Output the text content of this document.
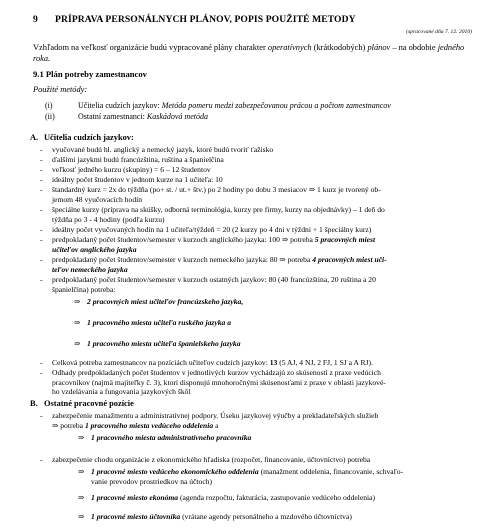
9 PRÍPRAVA PERSONÁLNYCH PLÁNOV, POPIS POUŽITÉ METODY
(spracované dňa 7. 12. 2010)
Vzhľadom na veľkosť organizácie budú vypracované plány charakter operatívnych (krátkodobých) plánov – na obdobie jedného roka.
9.1 Plán potreby zamestnancov
Použité metódy:
(i)	Učitelia cudzích jazykov: Metóda pomeru medzi zabezpečovanou prácou a počtom zamestnancov
(ii)	Ostatní zamestnanci: Kaskádová metóda
A. Učitelia cudzích jazykov:
- vyučované budú hl. anglický a nemecký jazyk, ktoré budú tvoriť ťažisko
- ďalšími jazykmi budú francúzština, ruština a španielčina
- veľkosť jedného kurzu (skupiny) = 6 – 12 študentov
- ideálny počet študentov v jednom kurze na 1 učiteľa: 10
- štandardný kurz = 2x do týždňa (po+ st. / ut.+ štv.) po 2 hodiny po dobu 3 mesiacov ⇒ 1 kurz je tvorený ob-
jemom 48 vyučovacích hodín
- špeciálne kurzy (príprava na skúšky, odborná terminológia, kurzy pre firmy, kurzy na objednávky) – 1 deň do
týždňa po 3 - 4 hodiny (podľa kurzu)
- ideálny počet vyučovaných hodín na 1 učiteľa/týždeň = 20 (2 kurzy po 4 dni v týždni + 1 špeciálny kurz)
- predpokladaný počet študentov/semester v kurzoch anglického jazyka: 100 ⇒ potreba 5 pracovných miest
učiteľov anglického jazyka
- predpokladaný počet študentov/semester v kurzoch nemeckého jazyka: 80 ⇒ potreba 4 pracovných miest uči-
teľov nemeckého jazyka
- predpokladaný počet študentov/semester v kurzoch ostatných jazykov: 80 (40 francúzština, 20 ruština a 20
španielčina) potreba:
⇒ 2 pracovných miest učiteľov francúzskeho jazyka,
⇒ 1 pracovného miesta učiteľa ruského jazyka a
⇒ 1 pracovného miesta učiteľa španielskeho jazyka
- Celková potreba zamestnancov na pozíciách učiteľov cudzích jazykov: 13 (5 AJ, 4 NJ, 2 FJ, 1 SJ a A RJ).
- Odhady predpokladaných počet študentov v jednotlivých kurzov vychádzajú zo skúseností z praxe vedúcich
pracovníkov (najmä majiteľky č. 3), ktorí disponujú mnohoročnými skúsenosťami z praxe v oblasti jazykové-
ho vzdelávania a fungovania jazykových škôl
B. Ostatné pracovné pozície
- zabezpečenie manažmentu a administratívnej podpory. Úseku jazykovej výučby a prekladateľských služieb
⇒ potreba 1 pracovného miesta vedúceho oddelenia a
⇒ 1 pracovného miesta administratívneho pracovníka
- zabezpečenie chodu organizácie z ekonomického hľadiska (rozpočet, financovanie, účtovníctvo) potreba
⇒ 1 pracovné miesto vedúceho ekonomického oddelenia (manažment oddelenia, financovanie, schvaľo-
vanie prevodov prostriedkov na účtoch)
⇒ 1 pracovné miesto ekonóma (agenda rozpočtu, fakturácia, zastupovanie vedúceho oddelenia)
⇒ 1 pracovné miesto účtovníka (vrátane agendy personálneho a mzdového účtovníctva)
